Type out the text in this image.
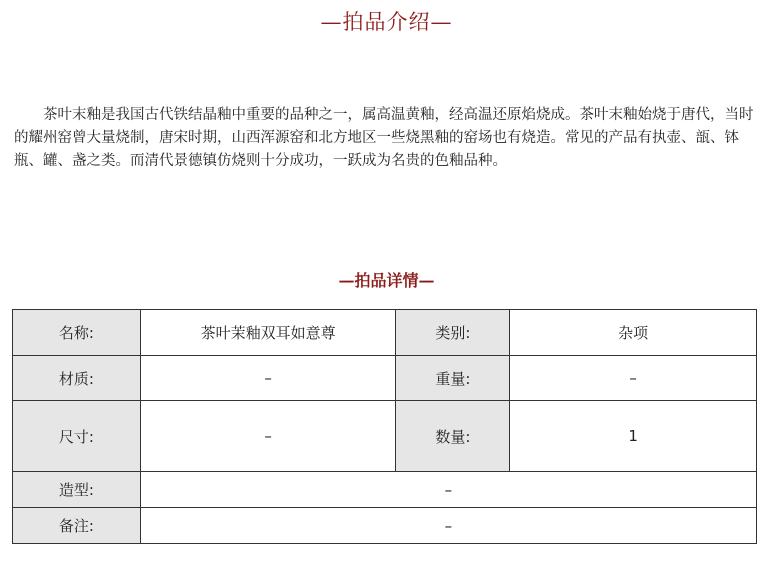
—拍品介绍—

茶叶末釉是我国古代铁结晶釉中重要的品种之一，属高温黄釉，经高温还原焰烧成。茶叶末釉始烧于唐代，当时的耀州窑曾大量烧制，唐宋时期，山西浑源窑和北方地区一些烧黑釉的窑场也有烧造。常见的产品有执壶、瓿、钵瓶、罐、盏之类。而清代景德镇仿烧则十分成功，一跃成为名贵的色釉品种。

—拍品详情—
名称:	茶叶茉釉双耳如意尊	类别:	杂项
材质:	–	重量:	–
尺寸:	–	数量:	1
造型:	–		
备注:	–		
